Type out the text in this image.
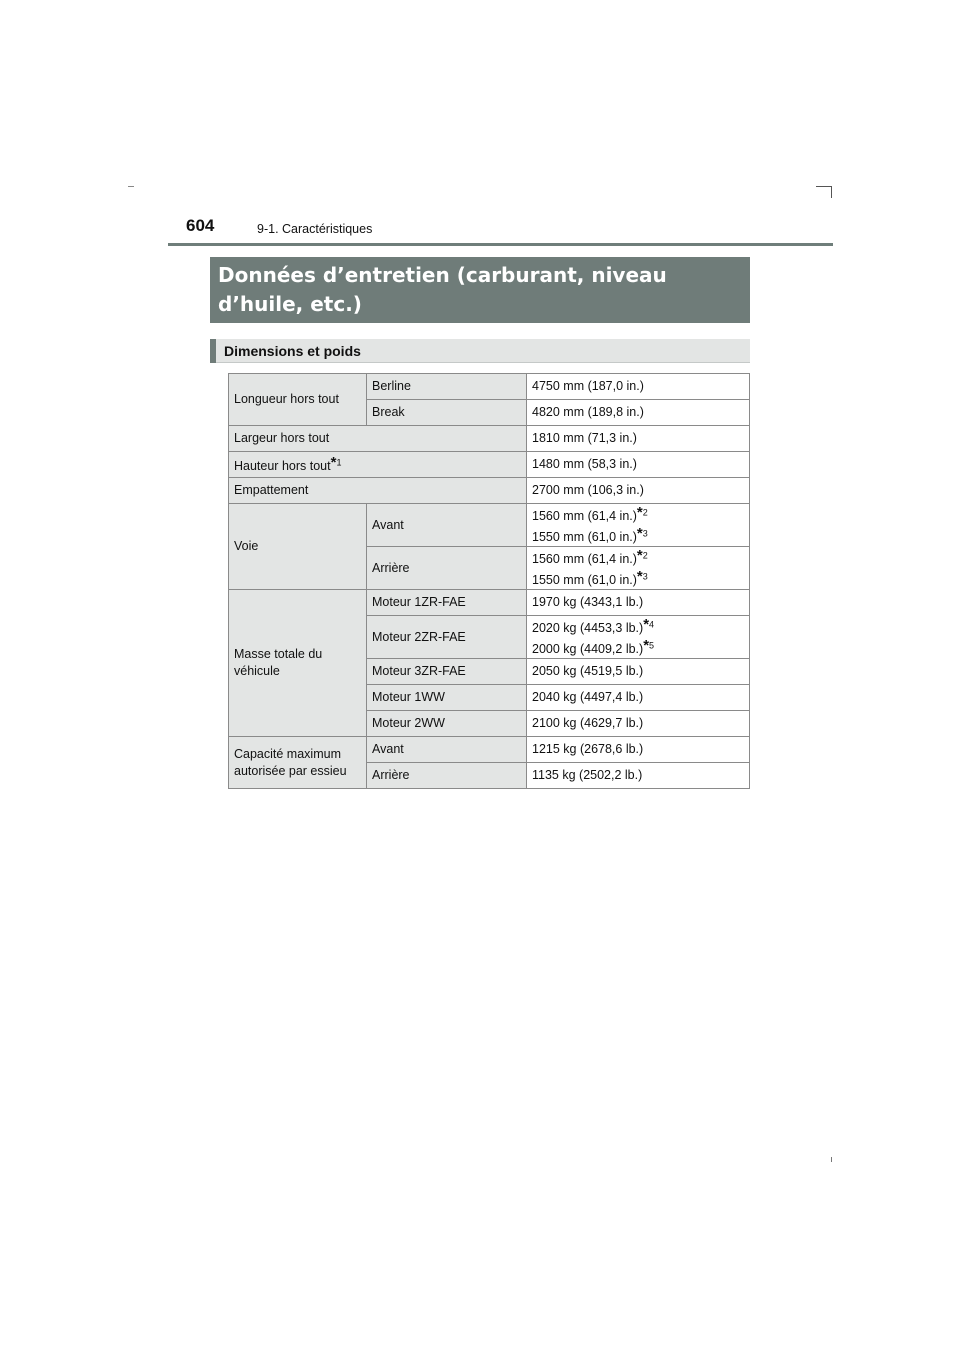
604	9-1. Caractéristiques
Données d’entretien (carburant, niveau d’huile, etc.)
Dimensions et poids
Longueur hors tout	Berline	4750 mm (187,0 in.)
	Break	4820 mm (189,8 in.)
Largeur hors tout		1810 mm (71,3 in.)
Hauteur hors tout*$^1$		1480 mm (58,3 in.)
Empattement		2700 mm (106,3 in.)
Voie	Avant	1560 mm (61,4 in.)*$^2$
1550 mm (61,0 in.)*$^3$
	Arrière	1560 mm (61,4 in.)*$^2$
1550 mm (61,0 in.)*$^3$
Masse totale du véhicule	Moteur 1ZR-FAE	1970 kg (4343,1 lb.)
	Moteur 2ZR-FAE	2020 kg (4453,3 lb.)*$^4$
2000 kg (4409,2 lb.)*$^5$
	Moteur 3ZR-FAE	2050 kg (4519,5 lb.)
	Moteur 1WW	2040 kg (4497,4 lb.)
	Moteur 2WW	2100 kg (4629,7 lb.)

Capacité maximum
autorisée par essieu	Avant	1215 kg (2678,6 lb.)
	Arrière	1135 kg (2502,2 lb.)
